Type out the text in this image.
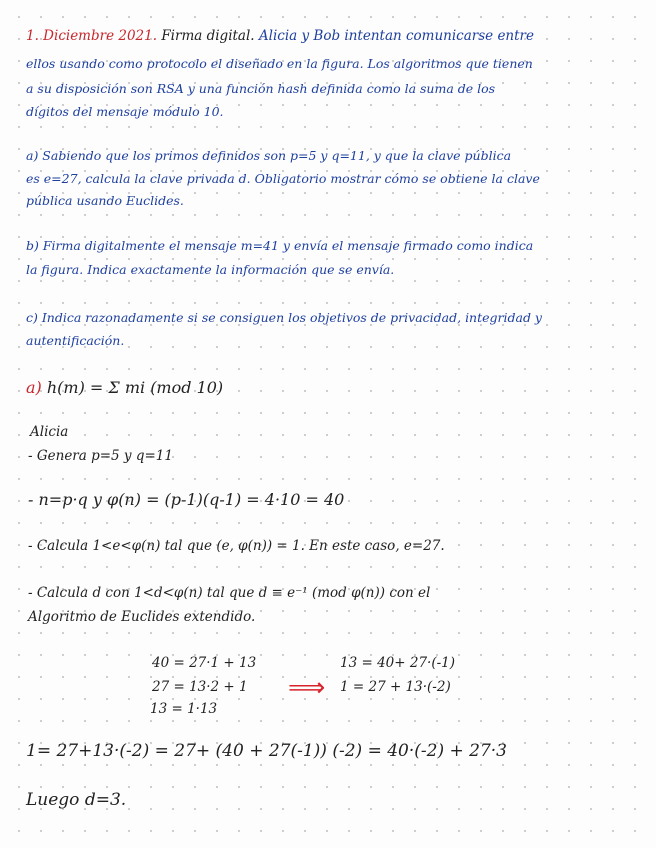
1. Diciembre 2021. Firma digital. Alicia y Bob intentan comunicarse entre
ellos usando como protocolo el diseñado en la figura. Los algoritmos que tienen
a su disposición son RSA y una función hash definida como la suma de los
dígitos del mensaje módulo 10.
a) Sabiendo que los primos definidos son p=5 y q=11, y que la clave pública
es e=27, calcula la clave privada d. Obligatorio mostrar cómo se obtiene la clave
pública usando Euclides.
b) Firma digitalmente el mensaje m=41 y envía el mensaje firmado como indica
la figura. Indica exactamente la información que se envía.
c) Indica razonadamente si se consiguen los objetivos de privacidad, integridad y
autentificación.
a) h(m) = Σ mi (mod 10)
Alicia
- Genera p=5 y q=11
- n=p·q y φ(n) = (p-1)(q-1) = 4·10 = 40
- Calcula 1<e<φ(n) tal que (e, φ(n)) = 1. En este caso, e=27.
- Calcula d con 1<d<φ(n) tal que d ≡ e⁻¹ (mod φ(n)) con el
Algoritmo de Euclides extendido.
40 = 27·1 + 13
27 = 13·2 + 1
13 = 1·13
⟹
13 = 40+ 27·(-1)
1 = 27 + 13·(-2)
1= 27+13·(-2) = 27+ (40 + 27(-1)) (-2) = 40·(-2) + 27·3
Luego d=3.
